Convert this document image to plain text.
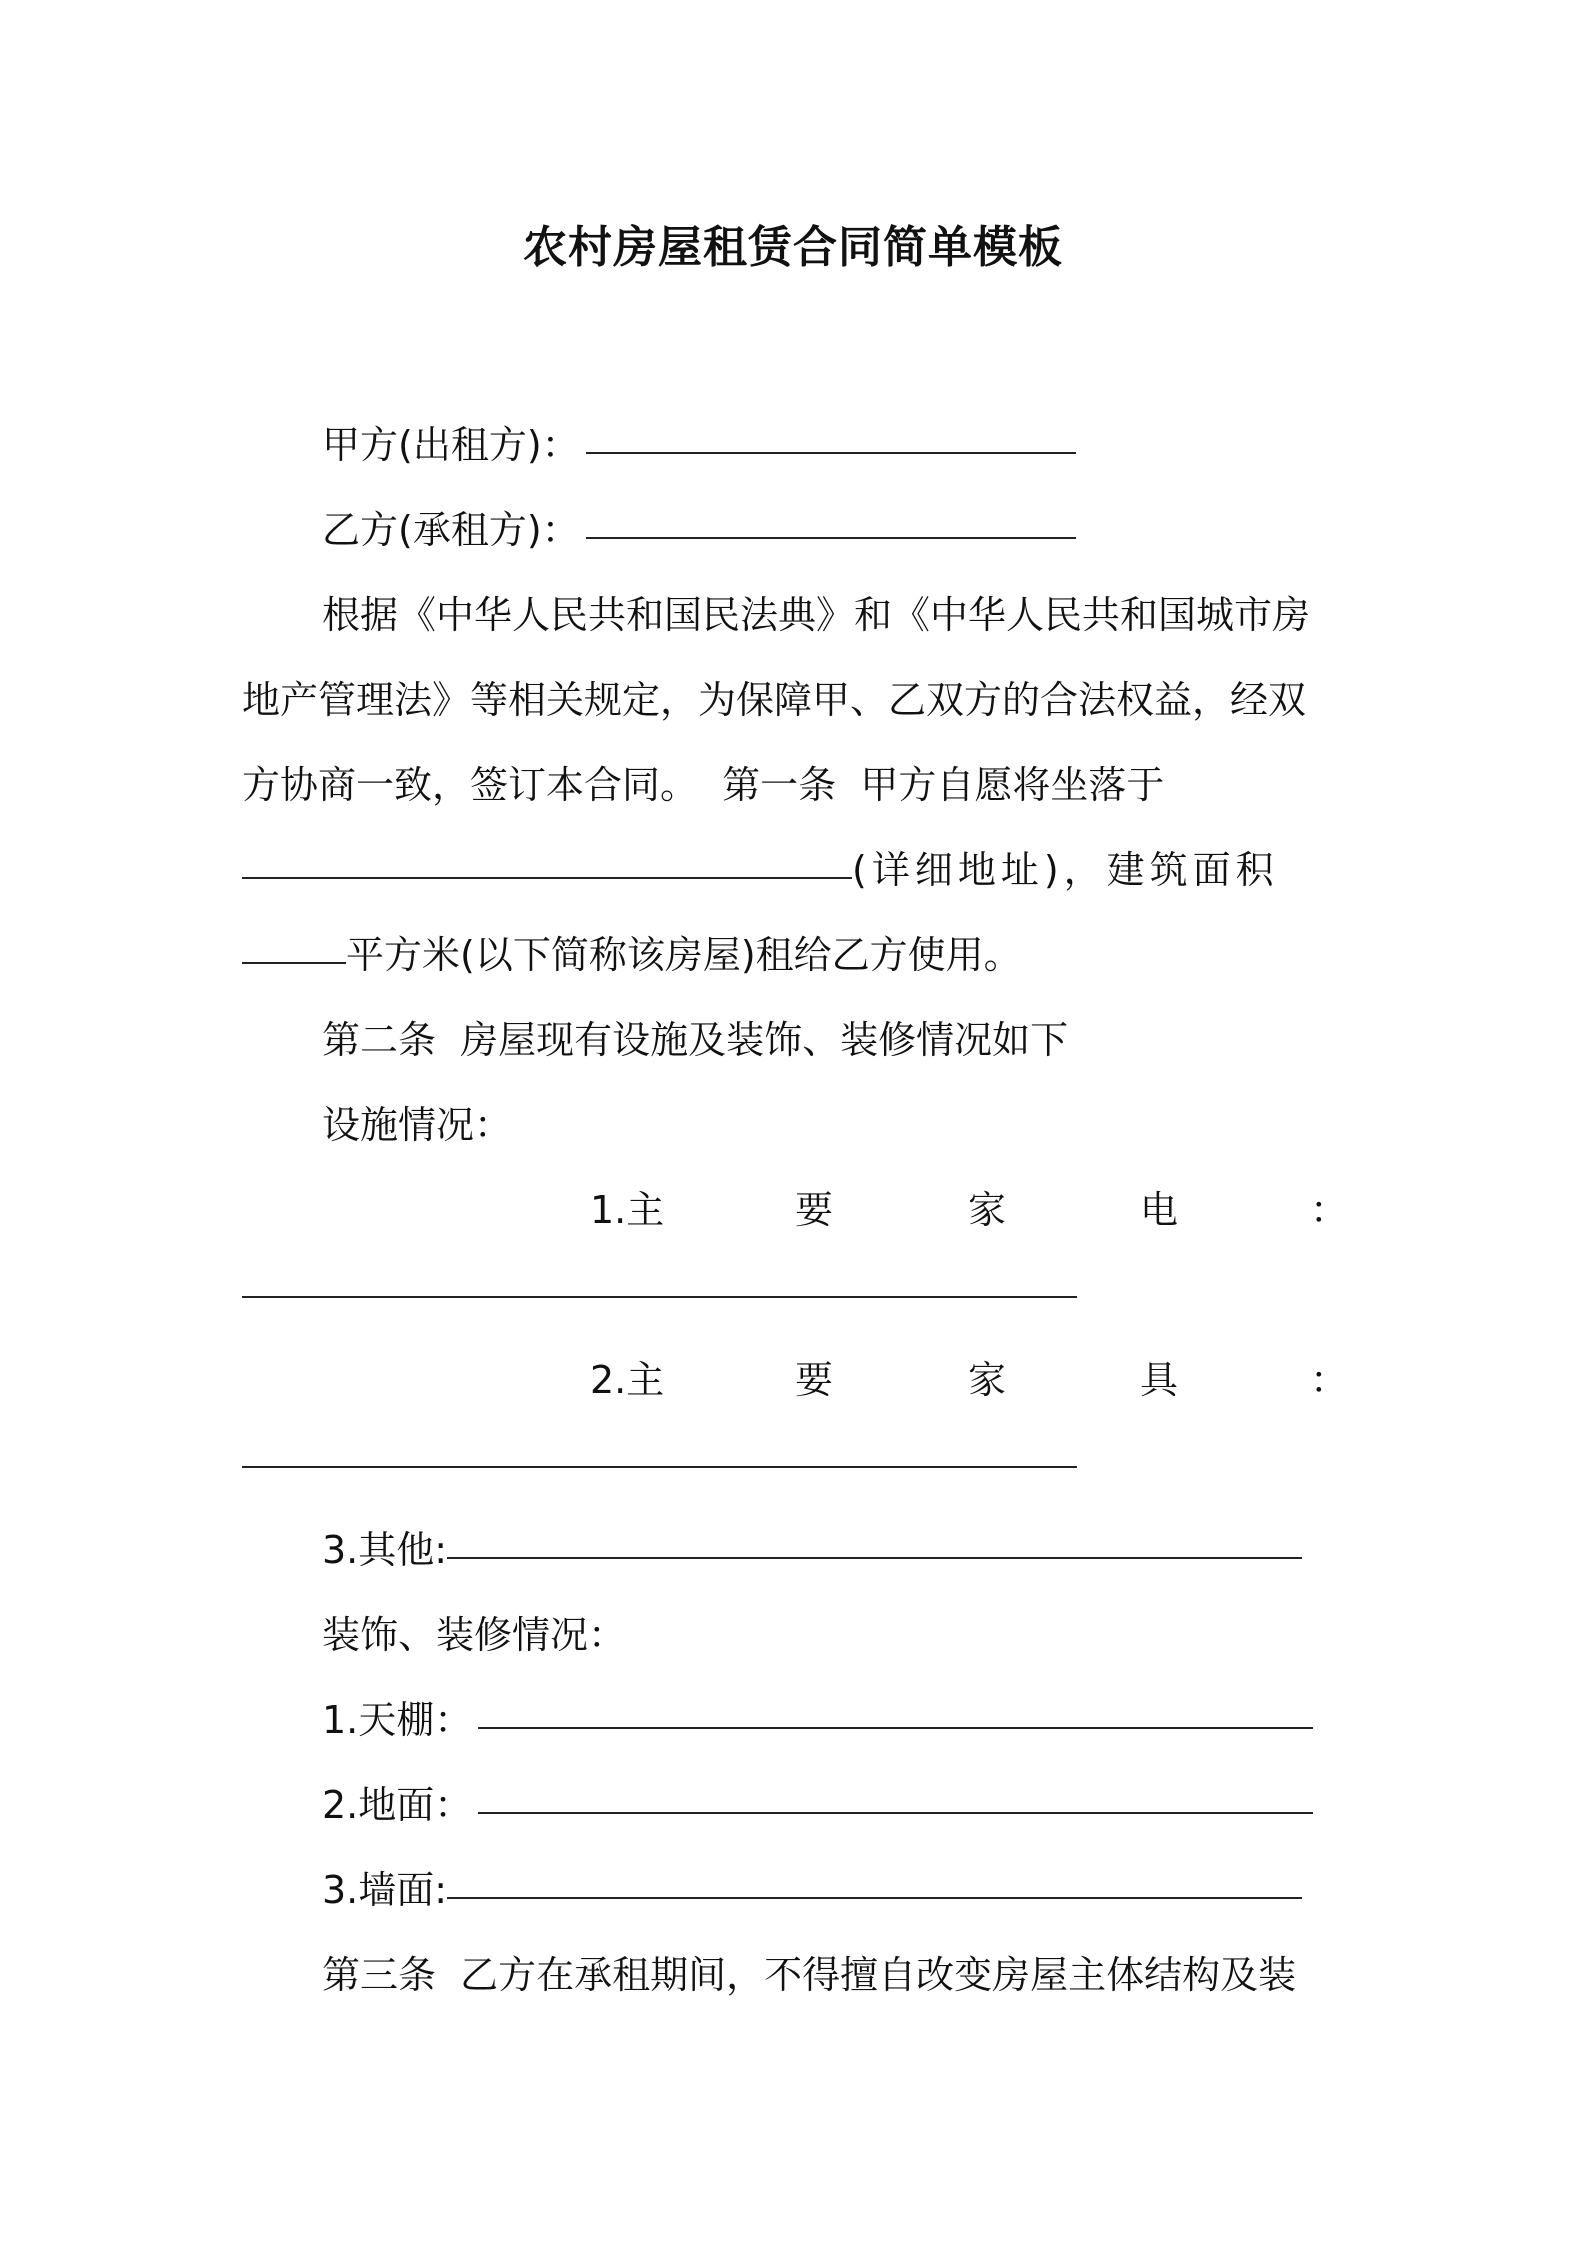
农村房屋租赁合同简单模板
甲方(出租方)：
乙方(承租方)：
根据《中华人民共和国民法典》和《中华人民共和国城市房
地产管理法》等相关规定，为保障甲、乙双方的合法权益，经双
方协商一致，签订本合同。  第一条  甲方自愿将坐落于
(详细地址)，建筑面积
平方米(以下简称该房屋)租给乙方使用。
第二条  房屋现有设施及装饰、装修情况如下
设施情况：
1.主	要	家	电	：
2.主	要	家	具	：
3.其他:
装饰、装修情况：
1.天棚：
2.地面：
3.墙面:
第三条  乙方在承租期间，不得擅自改变房屋主体结构及装
